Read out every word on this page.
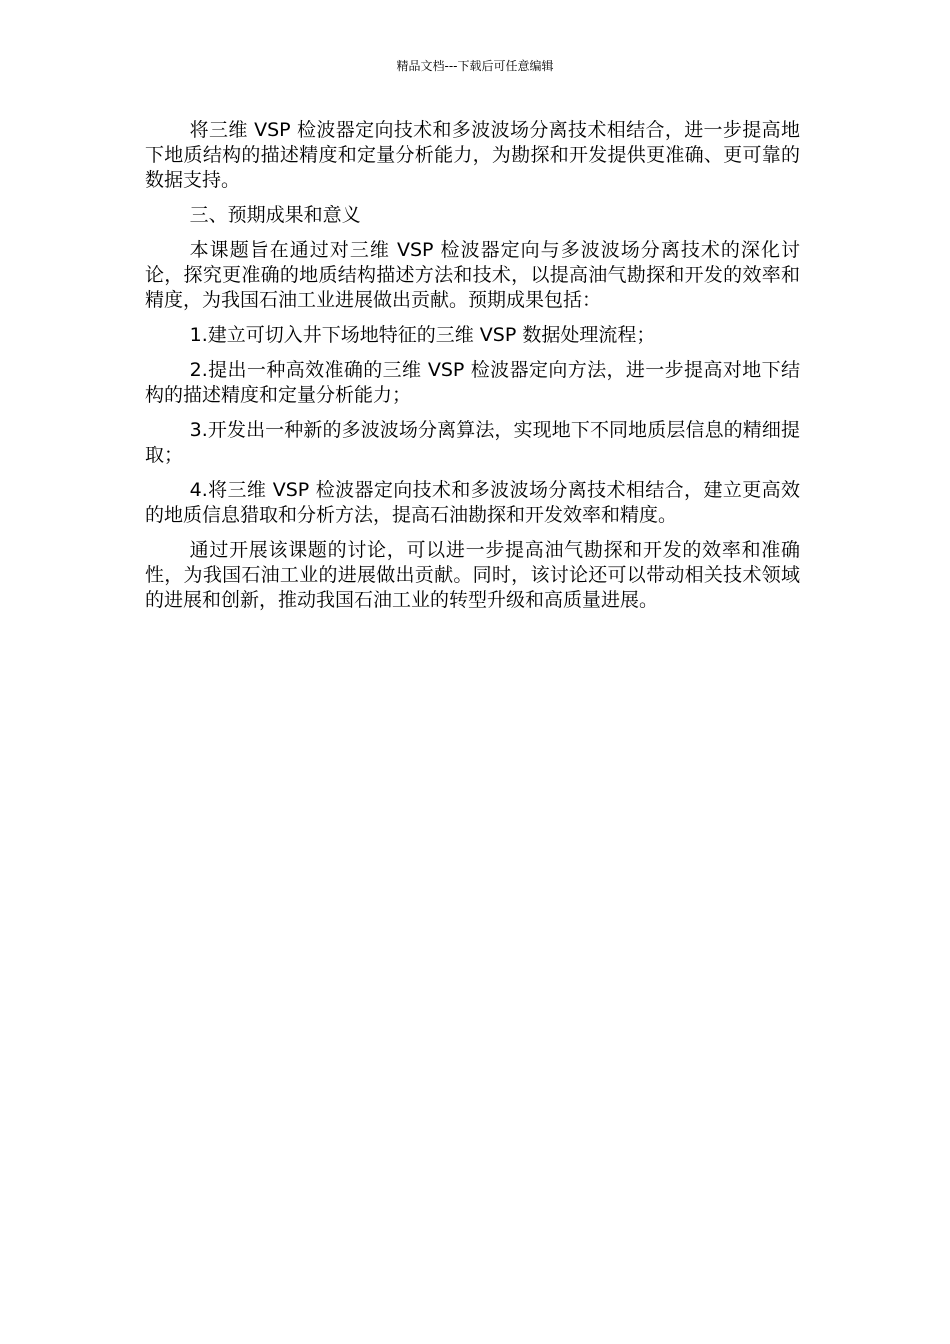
精品文档---下载后可任意编辑

将三维 VSP 检波器定向技术和多波波场分离技术相结合，进一步提高地下地质结构的描述精度和定量分析能力，为勘探和开发提供更准确、更可靠的数据支持。

三、预期成果和意义

本课题旨在通过对三维 VSP 检波器定向与多波波场分离技术的深化讨论，探究更准确的地质结构描述方法和技术，以提高油气勘探和开发的效率和精度，为我国石油工业进展做出贡献。预期成果包括：

1.建立可切入井下场地特征的三维 VSP 数据处理流程；

2.提出一种高效准确的三维 VSP 检波器定向方法，进一步提高对地下结构的描述精度和定量分析能力；

3.开发出一种新的多波波场分离算法，实现地下不同地质层信息的精细提取；

4.将三维 VSP 检波器定向技术和多波波场分离技术相结合，建立更高效的地质信息猎取和分析方法，提高石油勘探和开发效率和精度。

通过开展该课题的讨论，可以进一步提高油气勘探和开发的效率和准确性，为我国石油工业的进展做出贡献。同时，该讨论还可以带动相关技术领域的进展和创新，推动我国石油工业的转型升级和高质量进展。
